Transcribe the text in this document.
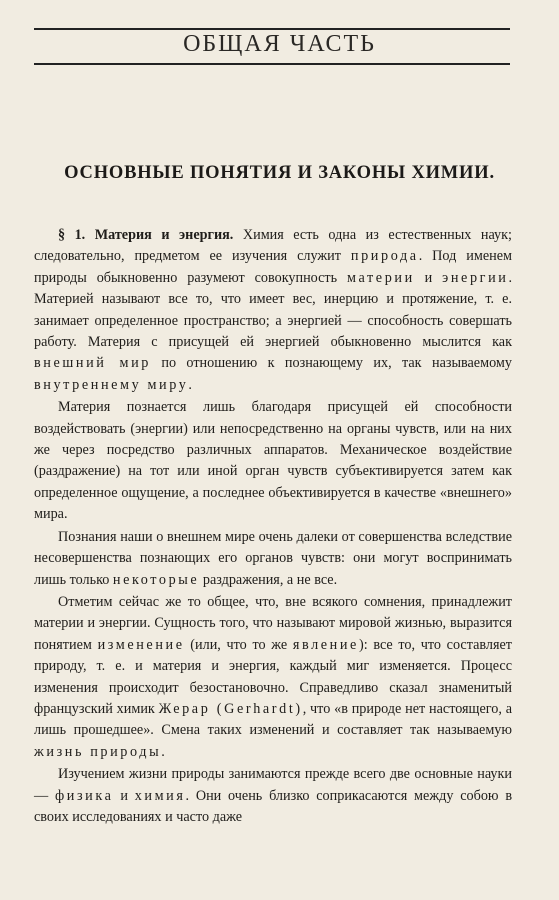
ОБЩАЯ ЧАСТЬ
ОСНОВНЫЕ ПОНЯТИЯ И ЗАКОНЫ ХИМИИ.

§ 1. Материя и энергия. Химия есть одна из естественных наук; следовательно, предметом ее изучения служит природа. Под именем природы обыкновенно разумеют совокупность материи и энергии. Материей называют все то, что имеет вес, инерцию и протяжение, т. е. занимает определенное пространство; а энергией — способность совершать работу. Материя с присущей ей энергией обыкновенно мыслится как внешний мир по отношению к познающему их, так называемому внутреннему миру.

Материя познается лишь благодаря присущей ей способности воздействовать (энергии) или непосредственно на органы чувств, или на них же через посредство различных аппаратов. Механическое воздействие (раздражение) на тот или иной орган чувств субъективируется затем как определенное ощущение, а последнее объективируется в качестве «внешнего» мира.

Познания наши о внешнем мире очень далеки от совершенства вследствие несовершенства познающих его органов чувств: они могут воспринимать лишь только некоторые раздражения, а не все.

Отметим сейчас же то общее, что, вне всякого сомнения, принадлежит материи и энергии. Сущность того, что называют мировой жизнью, выразится понятием изменение (или, что то же явление): все то, что составляет природу, т. е. и материя и энергия, каждый миг изменяется. Процесс изменения происходит безостановочно. Справедливо сказал знаменитый французский химик Жерар (Gerhardt), что «в природе нет настоящего, а лишь прошедшее». Смена таких изменений и составляет так называемую жизнь природы.

Изучением жизни природы занимаются прежде всего две основные науки — физика и химия. Они очень близко соприкасаются между собою в своих исследованиях и часто даже
